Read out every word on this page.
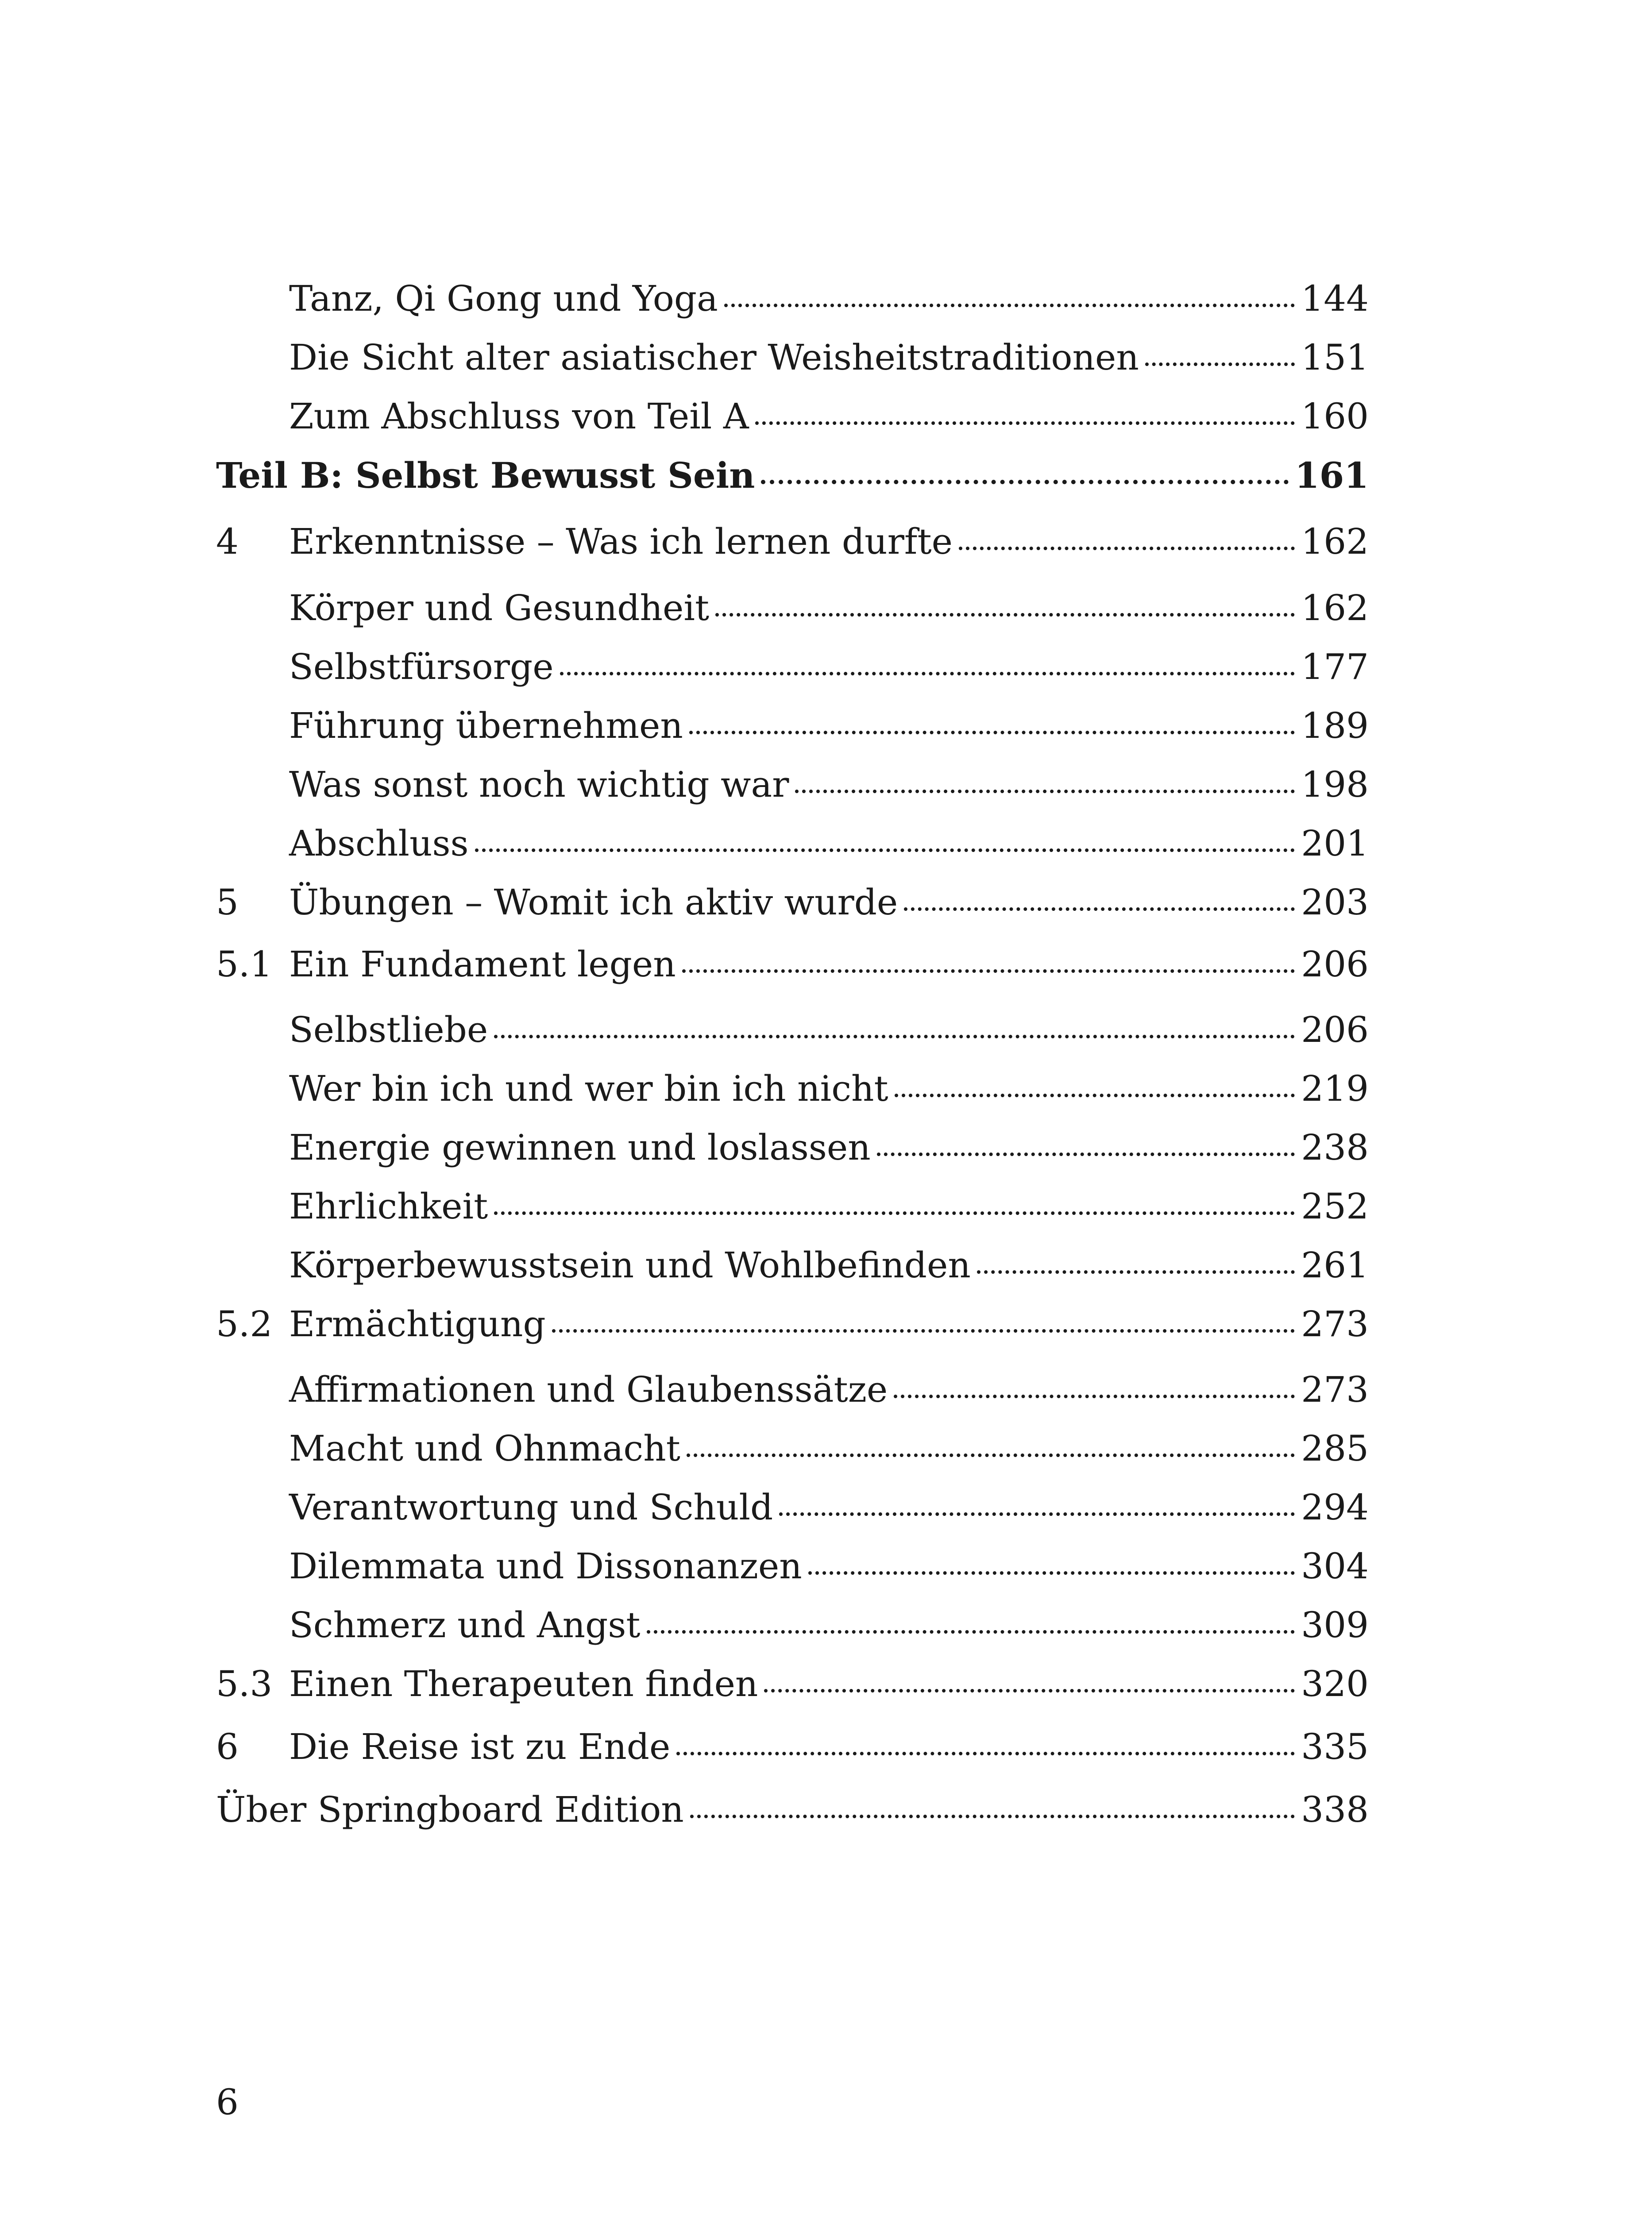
Tanz, Qi Gong und Yoga	144
Die Sicht alter asiatischer Weisheitstraditionen	151
Zum Abschluss von Teil A	160
Teil B: Selbst Bewusst Sein	161
4	Erkenntnisse – Was ich lernen durfte	162
Körper und Gesundheit	162
Selbstfürsorge	177
Führung übernehmen	189
Was sonst noch wichtig war	198
Abschluss	201
5	Übungen – Womit ich aktiv wurde	203
5.1 Ein Fundament legen	206
Selbstliebe	206
Wer bin ich und wer bin ich nicht	219
Energie gewinnen und loslassen	238
Ehrlichkeit	252
Körperbewusstsein und Wohlbefinden	261
5.2 Ermächtigung	273
Affirmationen und Glaubenssätze	273
Macht und Ohnmacht	285
Verantwortung und Schuld	294
Dilemmata und Dissonanzen	304
Schmerz und Angst	309
5.3 Einen Therapeuten finden	320
6	Die Reise ist zu Ende	335
Über Springboard Edition	338
6
